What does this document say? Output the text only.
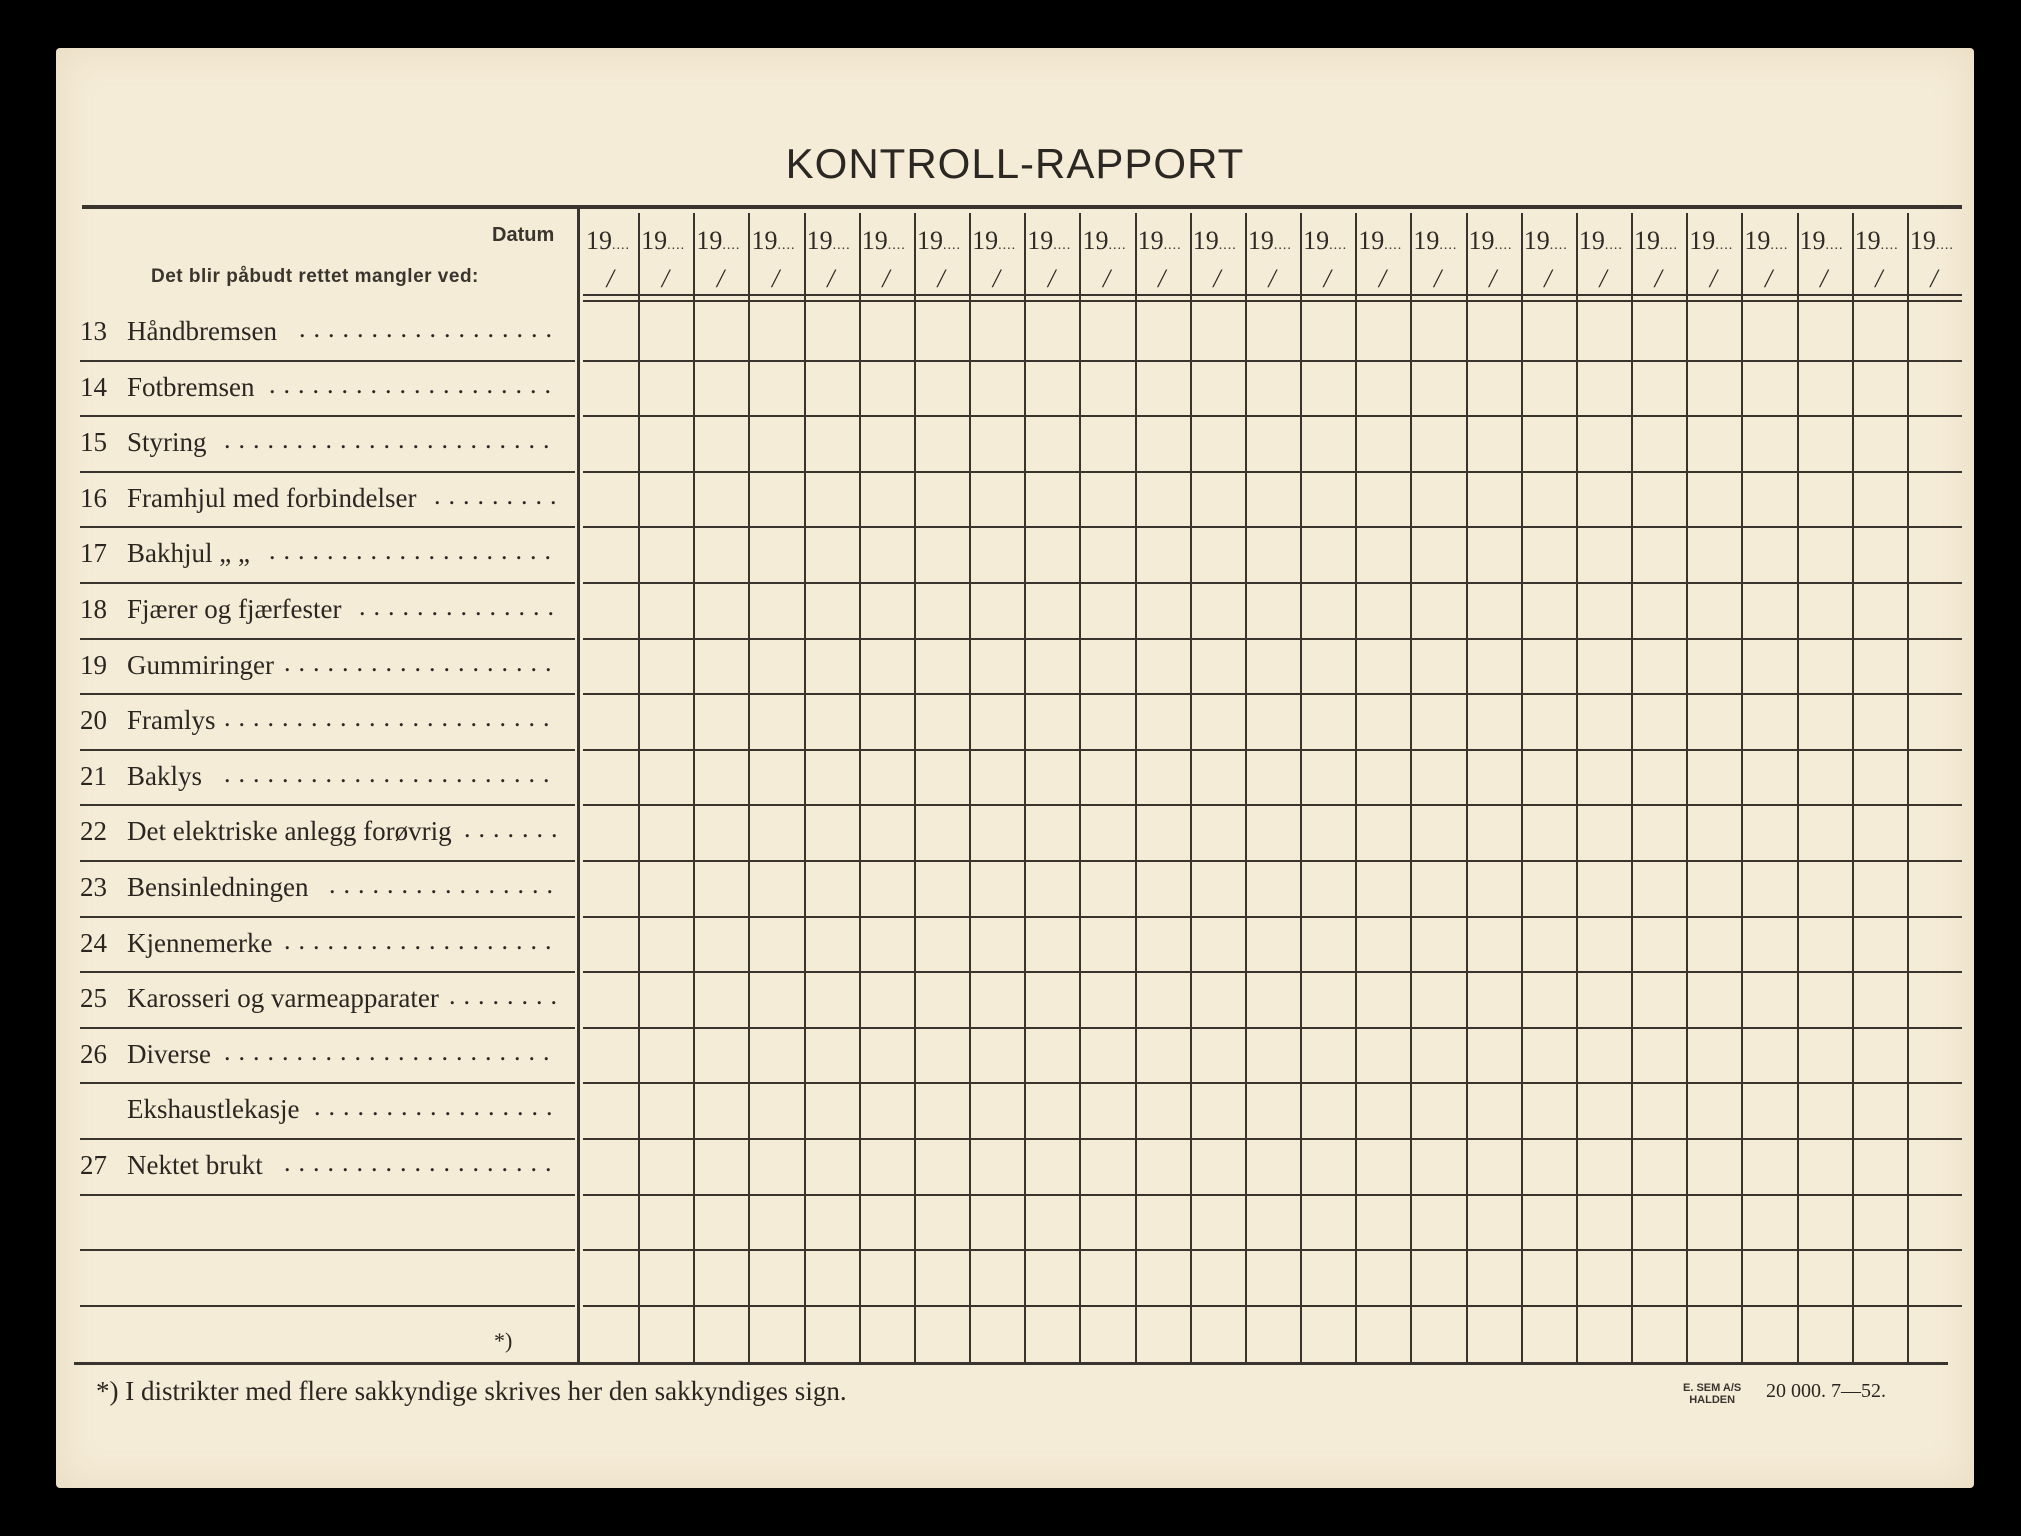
KONTROLL-RAPPORT
Datum
Det blir påbudt rettet mangler ved:
19....
/
19....
/
19....
/
19....
/
19....
/
19....
/
19....
/
19....
/
19....
/
19....
/
19....
/
19....
/
19....
/
19....
/
19....
/
19....
/
19....
/
19....
/
19....
/
19....
/
19....
/
19....
/
19....
/
19....
/
19....
/
13 Håndbremsen ..................
14 Fotbremsen ....................
15 Styring .......................
16 Framhjul med forbindelser .........
17 Bakhjul „ „ ....................
18 Fjærer og fjærfester ..............
19 Gummiringer ...................
20 Framlys .......................
21 Baklys .......................
22 Det elektriske anlegg forøvrig .......
23 Bensinledningen ................
24 Kjennemerke ...................
25 Karosseri og varmeapparater ........
26 Diverse .......................
Ekshaustlekasje .................
27 Nektet brukt ...................
*)
*) I distrikter med flere sakkyndige skrives her den sakkyndiges sign.	E. SEM A/S
HALDEN	20 000. 7—52.
